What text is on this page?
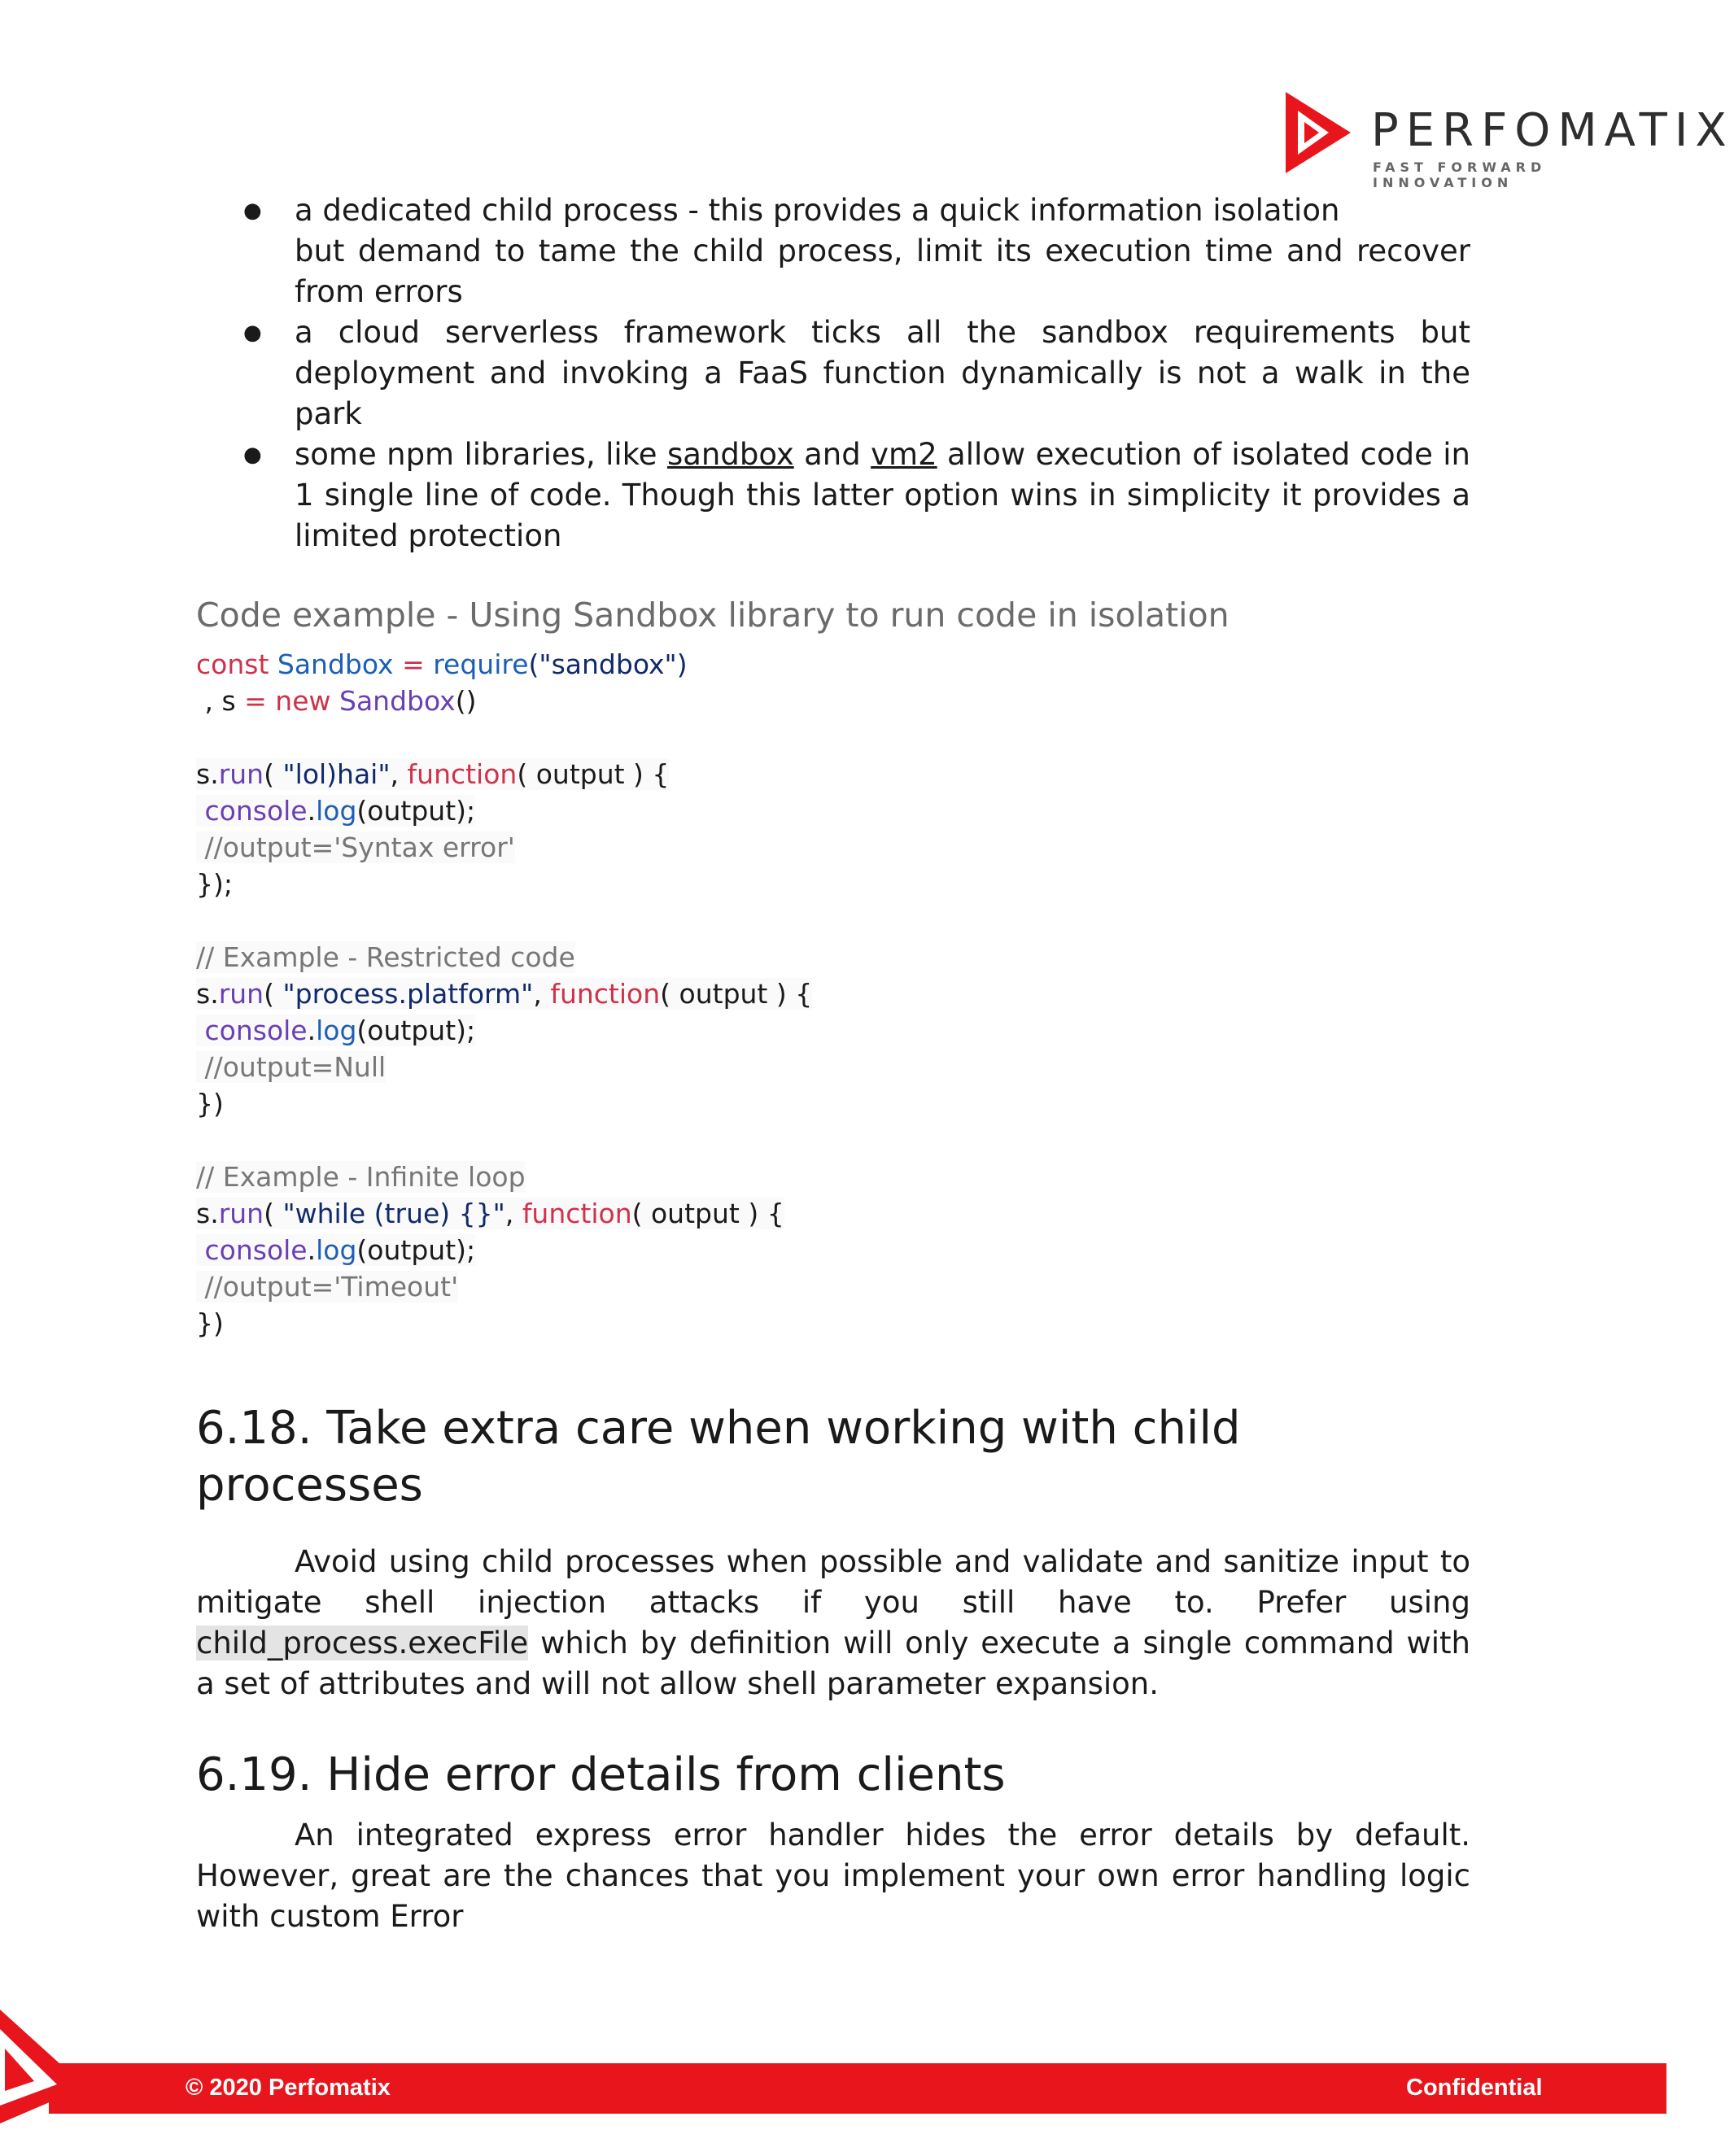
PERFOMATIX
FAST FORWARD INNOVATION
● a dedicated child process - this provides a quick information isolation
but demand to tame the child process, limit its execution time and recover from errors
● a cloud serverless framework ticks all the sandbox requirements but deployment and invoking a FaaS function dynamically is not a walk in the park
● some npm libraries, like sandbox and vm2 allow execution of isolated code in 1 single line of code. Though this latter option wins in simplicity it provides a limited protection
Code example - Using Sandbox library to run code in isolation
const Sandbox = require("sandbox")
, s = new Sandbox()
s.run( "lol)hai", function( output ) {
console.log(output);
//output='Syntax error'
});
// Example - Restricted code
s.run( "process.platform", function( output ) {
console.log(output);
//output=Null
})
// Example - Infinite loop
s.run( "while (true) {}", function( output ) {
console.log(output);
//output='Timeout'
})
6.18. Take extra care when working with child processes

Avoid using child processes when possible and validate and sanitize input to mitigate shell injection attacks if you still have to. Prefer using child_process.execFile which by definition will only execute a single command with a set of attributes and will not allow shell parameter expansion.

6.19. Hide error details from clients

An integrated express error handler hides the error details by default. However, great are the chances that you implement your own error handling logic with custom Error

© 2020 Perfomatix	Confidential
